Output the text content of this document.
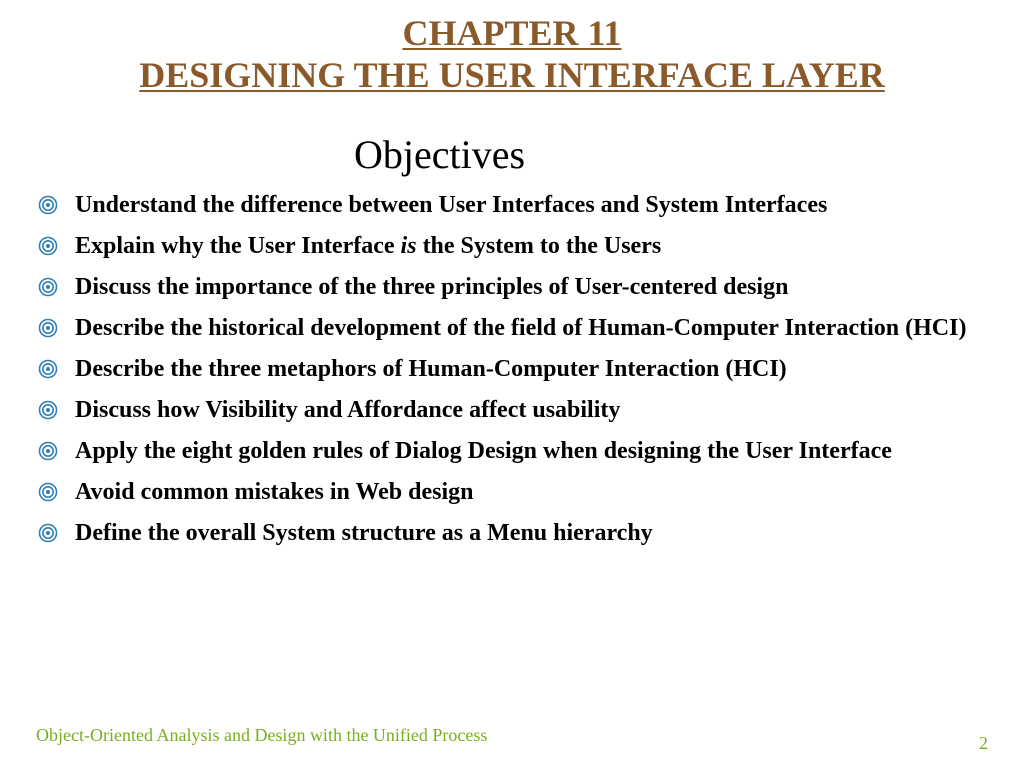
CHAPTER 11
DESIGNING THE USER INTERFACE LAYER
Objectives
Understand the difference between User Interfaces and System Interfaces
Explain why the User Interface is the System to the Users
Discuss the importance of the three principles of User-centered design
Describe the historical development of the field of Human-Computer Interaction (HCI)
Describe the three metaphors of Human-Computer Interaction (HCI)
Discuss how Visibility and Affordance affect usability
Apply the eight golden rules of Dialog Design when designing the User Interface
Avoid common mistakes in Web design
Define the overall System structure as a Menu hierarchy
Object-Oriented Analysis and Design with the Unified Process	2
